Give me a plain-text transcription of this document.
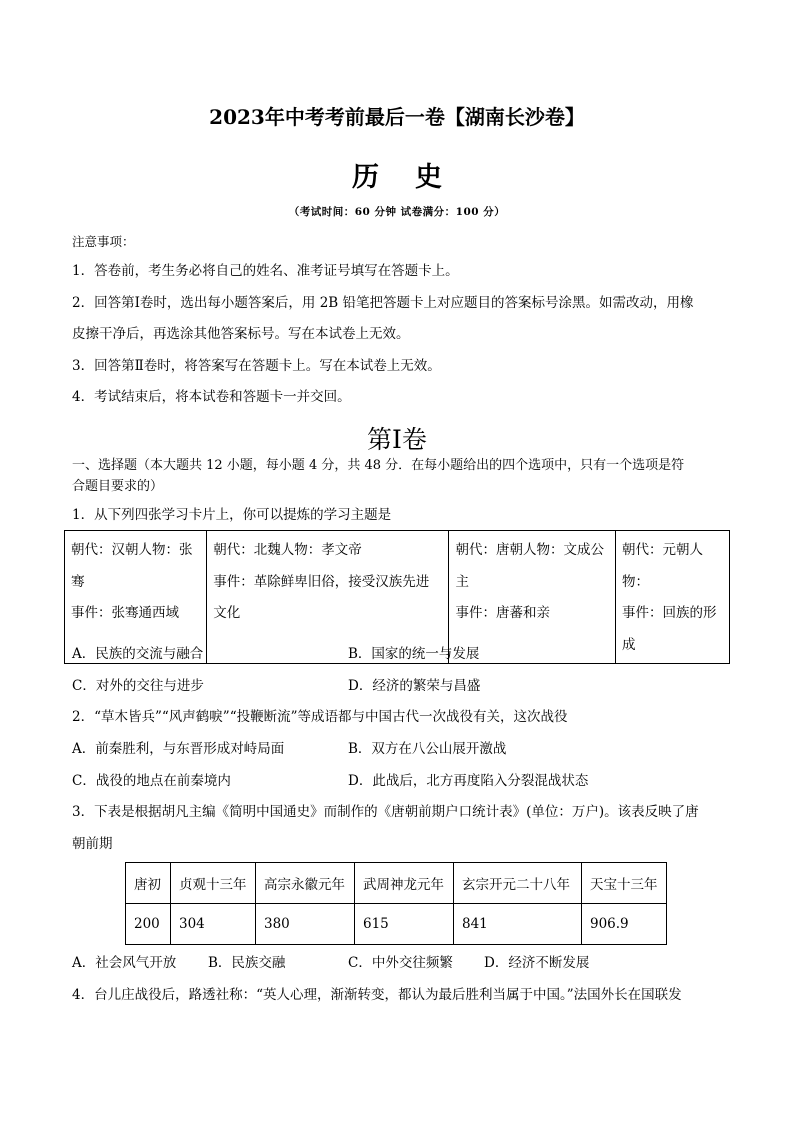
2023年中考考前最后一卷【湖南长沙卷】
历 史
（考试时间：60 分钟 试卷满分：100 分）
注意事项：
1．答卷前，考生务必将自己的姓名、准考证号填写在答题卡上。
2．回答第Ⅰ卷时，选出每小题答案后，用 2B 铅笔把答题卡上对应题目的答案标号涂黑。如需改动，用橡
皮擦干净后，再选涂其他答案标号。写在本试卷上无效。
3．回答第Ⅱ卷时，将答案写在答题卡上。写在本试卷上无效。
4．考试结束后，将本试卷和答题卡一并交回。
第Ⅰ卷
一、选择题（本大题共 12 小题，每小题 4 分，共 48 分．在每小题给出的四个选项中，只有一个选项是符
合题目要求的）
1．从下列四张学习卡片上，你可以提炼的学习主题是
朝代：汉朝人物：张骞
事件：张骞通西域

朝代：北魏人物：孝文帝
事件：革除鲜卑旧俗，接受汉族先进文化

朝代：唐朝人物：文成公主
事件：唐蕃和亲

朝代：元朝人物：
事件：回族的形成
A．民族的交流与融合	B．国家的统一与发展
C．对外的交往与进步	D．经济的繁荣与昌盛
2．“草木皆兵”“风声鹤唳”“投鞭断流”等成语都与中国古代一次战役有关，这次战役
A．前秦胜利，与东晋形成对峙局面	B．双方在八公山展开激战
C．战役的地点在前秦境内	D．此战后，北方再度陷入分裂混战状态
3．下表是根据胡凡主编《简明中国通史》而制作的《唐朝前期户口统计表》(单位：万户)。该表反映了唐
朝前期
唐初	贞观十三年	高宗永徽元年	武周神龙元年	玄宗开元二十八年	天宝十三年
200	304	380	615	841	906.9
A．社会风气开放 B．民族交融	C．中外交往频繁 D．经济不断发展
4．台儿庄战役后，路透社称：“英人心理，渐渐转变，都认为最后胜利当属于中国。”法国外长在国联发
